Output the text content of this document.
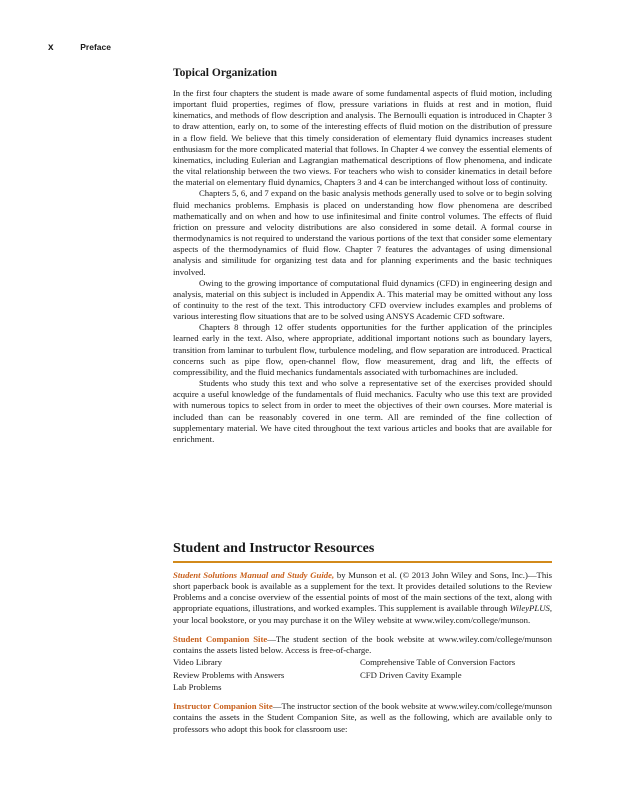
x	Preface
Topical Organization

In the first four chapters the student is made aware of some fundamental aspects of fluid motion, including important fluid properties, regimes of flow, pressure variations in fluids at rest and in motion, fluid kinematics, and methods of flow description and analysis. The Bernoulli equation is introduced in Chapter 3 to draw attention, early on, to some of the interesting effects of fluid motion on the distribution of pressure in a flow field. We believe that this timely consideration of elementary fluid dynamics increases student enthusiasm for the more complicated material that follows. In Chapter 4 we convey the essential elements of kinematics, including Eulerian and Lagrangian mathematical descriptions of flow phenomena, and indicate the vital relationship between the two views. For teachers who wish to consider kinematics in detail before the material on elementary fluid dynamics, Chapters 3 and 4 can be interchanged without loss of continuity.

Chapters 5, 6, and 7 expand on the basic analysis methods generally used to solve or to begin solving fluid mechanics problems. Emphasis is placed on understanding how flow phenomena are described mathematically and on when and how to use infinitesimal and finite control volumes. The effects of fluid friction on pressure and velocity distributions are also considered in some detail. A formal course in thermodynamics is not required to understand the various portions of the text that consider some elementary aspects of the thermodynamics of fluid flow. Chapter 7 features the advantages of using dimensional analysis and similitude for organizing test data and for planning experiments and the basic techniques involved.

Owing to the growing importance of computational fluid dynamics (CFD) in engineering design and analysis, material on this subject is included in Appendix A. This material may be omitted without any loss of continuity to the rest of the text. This introductory CFD overview includes examples and problems of various interesting flow situations that are to be solved using ANSYS Academic CFD software.

Chapters 8 through 12 offer students opportunities for the further application of the principles learned early in the text. Also, where appropriate, additional important notions such as boundary layers, transition from laminar to turbulent flow, turbulence modeling, and flow separation are introduced. Practical concerns such as pipe flow, open-channel flow, flow measurement, drag and lift, the effects of compressibility, and the fluid mechanics fundamentals associated with turbomachines are included.

Students who study this text and who solve a representative set of the exercises provided should acquire a useful knowledge of the fundamentals of fluid mechanics. Faculty who use this text are provided with numerous topics to select from in order to meet the objectives of their own courses. More material is included than can be reasonably covered in one term. All are reminded of the fine collection of supplementary material. We have cited throughout the text various articles and books that are available for enrichment.

Student and Instructor Resources

Student Solutions Manual and Study Guide, by Munson et al. (© 2013 John Wiley and Sons, Inc.)—This short paperback book is available as a supplement for the text. It provides detailed solutions to the Review Problems and a concise overview of the essential points of most of the main sections of the text, along with appropriate equations, illustrations, and worked examples. This supplement is available through WileyPLUS, your local bookstore, or you may purchase it on the Wiley website at www.wiley.com/college/munson.

Student Companion Site—The student section of the book website at www.wiley.com/college/munson contains the assets listed below. Access is free-of-charge.

Video Library	Comprehensive Table of Conversion Factors
Review Problems with Answers	CFD Driven Cavity Example
Lab Problems

Instructor Companion Site—The instructor section of the book website at www.wiley.com/college/munson contains the assets in the Student Companion Site, as well as the following, which are available only to professors who adopt this book for classroom use:
